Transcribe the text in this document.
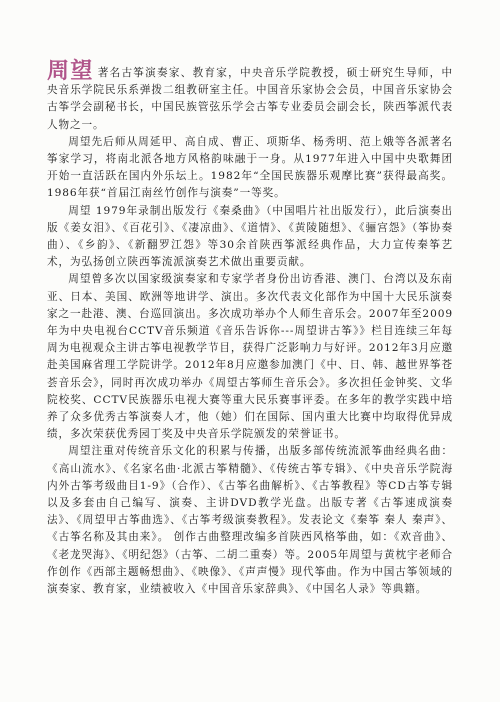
周望 著名古筝演奏家、教育家，中央音乐学院教授，硕士研究生导师，中央音乐学院民乐系弹拨二组教研室主任。中国音乐家协会会员，中国音乐家协会古筝学会副秘书长，中国民族管弦乐学会古筝专业委员会副会长，陕西筝派代表人物之一。

周望先后师从周延甲、高自成、曹正、项斯华、杨秀明、范上娥等各派著名筝家学习，将南北派各地方风格韵味融于一身。从1977年进入中国中央歌舞团开始一直活跃在国内外乐坛上。1982年“全国民族器乐观摩比赛”获得最高奖。1986年获“首届江南丝竹创作与演奏”一等奖。

周望 1979年录制出版发行《秦桑曲》（中国唱片社出版发行），此后演奏出版《姜女泪》、《百花引》、《凄凉曲》、《道情》、《黄陵随想》、《骊宫怨》（筝协奏曲）、《乡韵》、《新翻罗江怨》等30余首陕西筝派经典作品，大力宣传秦筝艺术，为弘扬创立陕西筝流派演奏艺术做出重要贡献。

周望曾多次以国家级演奏家和专家学者身份出访香港、澳门、台湾以及东南亚、日本、美国、欧洲等地讲学、演出。多次代表文化部作为中国十大民乐演奏家之一赴港、澳、台巡回演出。多次成功举办个人师生音乐会。2007年至2009年为中央电视台CCTV音乐频道《音乐告诉你---周望讲古筝》》栏目连续三年每周为电视观众主讲古筝电视教学节目，获得广泛影响力与好评。2012年3月应邀赴美国麻省理工学院讲学。2012年8月应邀参加澳门《中、日、韩、越世界筝苍荟音乐会》，同时再次成功举办《周望古筝师生音乐会》。多次担任金钟奖、文华院校奖、CCTV民族器乐电视大赛等重大民乐赛事评委。在多年的教学实践中培养了众多优秀古筝演奏人才，他（她）们在国际、国内重大比赛中均取得优异成绩，多次荣获优秀园丁奖及中央音乐学院颁发的荣誉证书。

周望注重对传统音乐文化的积累与传播，出版多部传统流派筝曲经典名曲：《高山流水》、《名家名曲·北派古筝精髓》、《传统古筝专辑》、《中央音乐学院海内外古筝考级曲目1-9》（合作）、《古筝名曲解析》、《古筝教程》等CD古筝专辑以及多套由自己编写、演奏、主讲DVD教学光盘。出版专著《古筝速成演奏法》、《周望甲古筝曲选》、《古筝考级演奏教程》。发表论文《秦筝 秦人 秦声》、《古筝名称及其由来》。 创作古曲整理改编多首陕西风格筝曲，如：《欢音曲》、《老龙哭海》、《明纪怨》（古筝、二胡二重奏）等。2005年周望与黄枕宇老师合作创作《西部主题畅想曲》、《映像》、《声声慢》现代筝曲。作为中国古筝领域的演奏家、教育家，业绩被收入《中国音乐家辞典》、《中国名人录》等典籍。
